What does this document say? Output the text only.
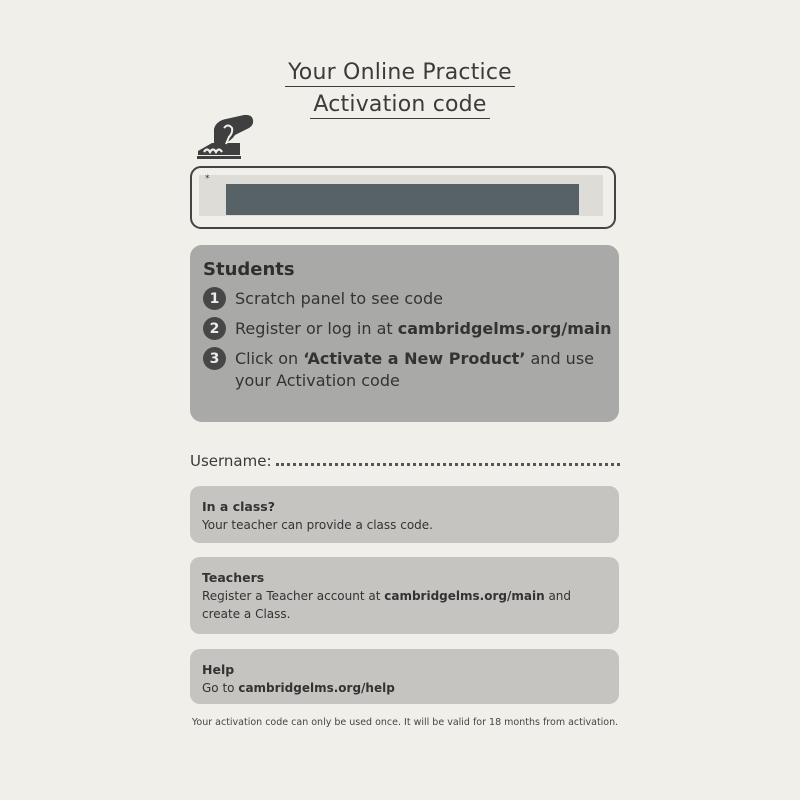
Your Online Practice
Activation code
*
Students
1 Scratch panel to see code
2 Register or log in at cambridgelms.org/main
3 Click on ‘Activate a New Product’ and use your Activation code
Username:
In a class?
Your teacher can provide a class code.
Teachers
Register a Teacher account at cambridgelms.org/main and create a Class.
Help
Go to cambridgelms.org/help
Your activation code can only be used once. It will be valid for 18 months from activation.
